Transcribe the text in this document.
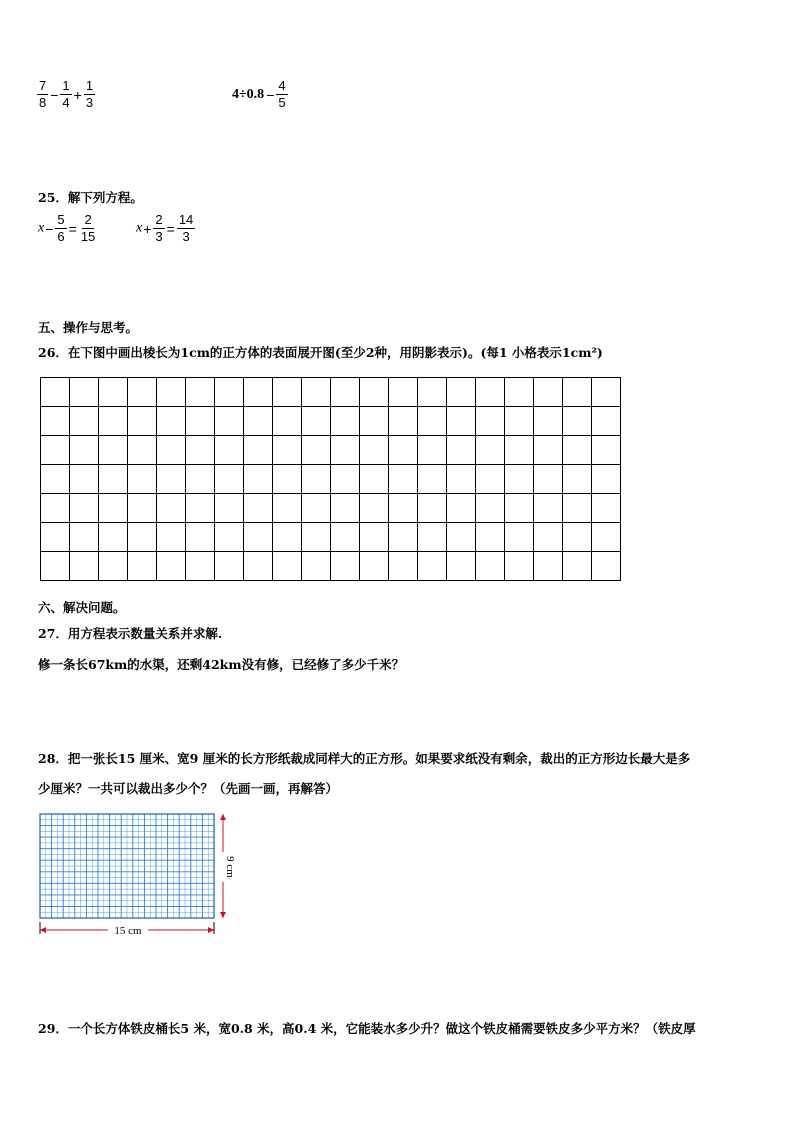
$\frac{7}{8} - \frac{1}{4} + \frac{1}{3}$	$4\div 0.8 - \frac{4}{5}$
25．解下列方程。
$x- \frac{5}{6} = \frac{2}{15}$	$x+ \frac{2}{3} = \frac{14}{3}$
五、操作与思考。
26．在下图中画出棱长为1cm的正方体的表面展开图(至少2种，用阴影表示)。(每1 小格表示1cm²)

六、解决问题。
27．用方程表示数量关系并求解.
修一条长67km的水渠，还剩42km没有修，已经修了多少千米？
28．把一张长15 厘米、宽9 厘米的长方形纸裁成同样大的正方形。如果要求纸没有剩余，裁出的正方形边长最大是多
少厘米？一共可以裁出多少个？（先画一画，再解答）
15 cm
9 cm
29．一个长方体铁皮桶长5 米，宽0.8 米，高0.4 米，它能装水多少升？做这个铁皮桶需要铁皮多少平方米？（铁皮厚
